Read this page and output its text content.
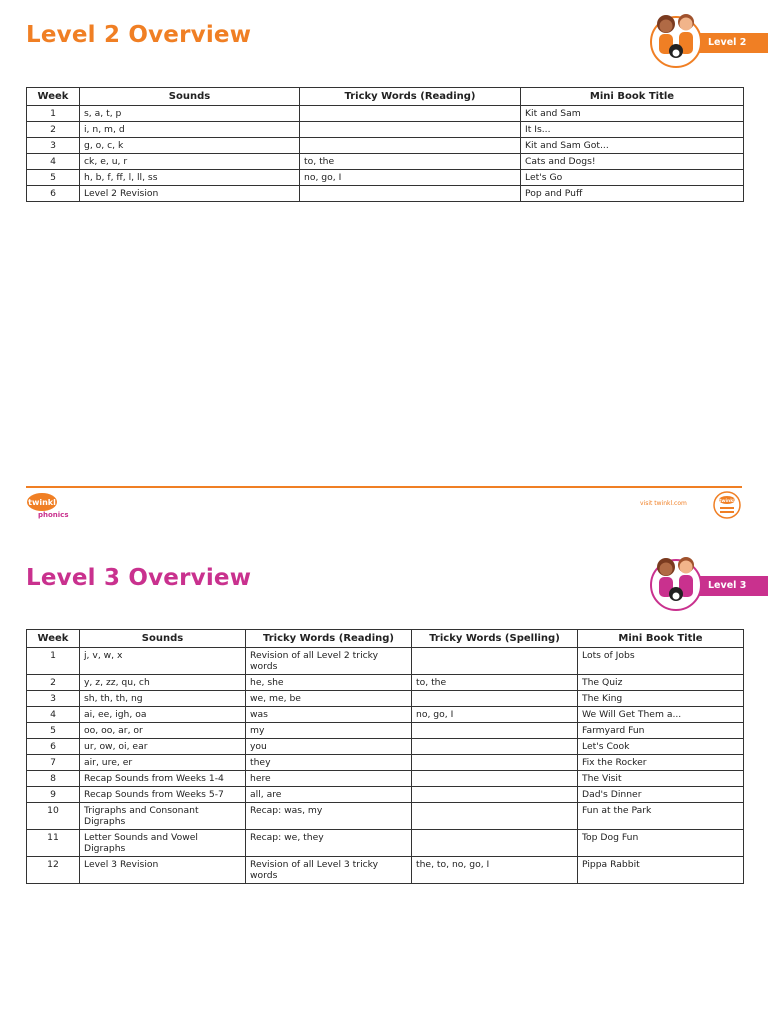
Level 2 Overview	Level 2
Week	Sounds	Tricky Words (Reading)	Mini Book Title
1	s, a, t, p		Kit and Sam
2	i, n, m, d		It Is...
3	g, o, c, k		Kit and Sam Got...
4	ck, e, u, r	to, the	Cats and Dogs!
5	h, b, f, ff, l, ll, ss	no, go, I	Let's Go
6	Level 2 Revision		Pop and Puff
twinkl
phonics
visit twinkl.com	twinkl
Level 3 Overview	Level 3
Week	Sounds	Tricky Words (Reading)	Tricky Words (Spelling)	Mini Book Title
1	j, v, w, x	Revision of all Level 2 tricky words		Lots of Jobs
2	y, z, zz, qu, ch	he, she	to, the	The Quiz
3	sh, th, th, ng	we, me, be		The King
4	ai, ee, igh, oa	was	no, go, I	We Will Get Them a...
5	oo, oo, ar, or	my		Farmyard Fun
6	ur, ow, oi, ear	you		Let's Cook
7	air, ure, er	they		Fix the Rocker
8	Recap Sounds from Weeks 1-4	here		The Visit
9	Recap Sounds from Weeks 5-7	all, are		Dad's Dinner
10	Trigraphs and Consonant Digraphs	Recap: was, my		Fun at the Park
11	Letter Sounds and Vowel Digraphs	Recap: we, they		Top Dog Fun
12	Level 3 Revision	Revision of all Level 3 tricky words	the, to, no, go, I	Pippa Rabbit
